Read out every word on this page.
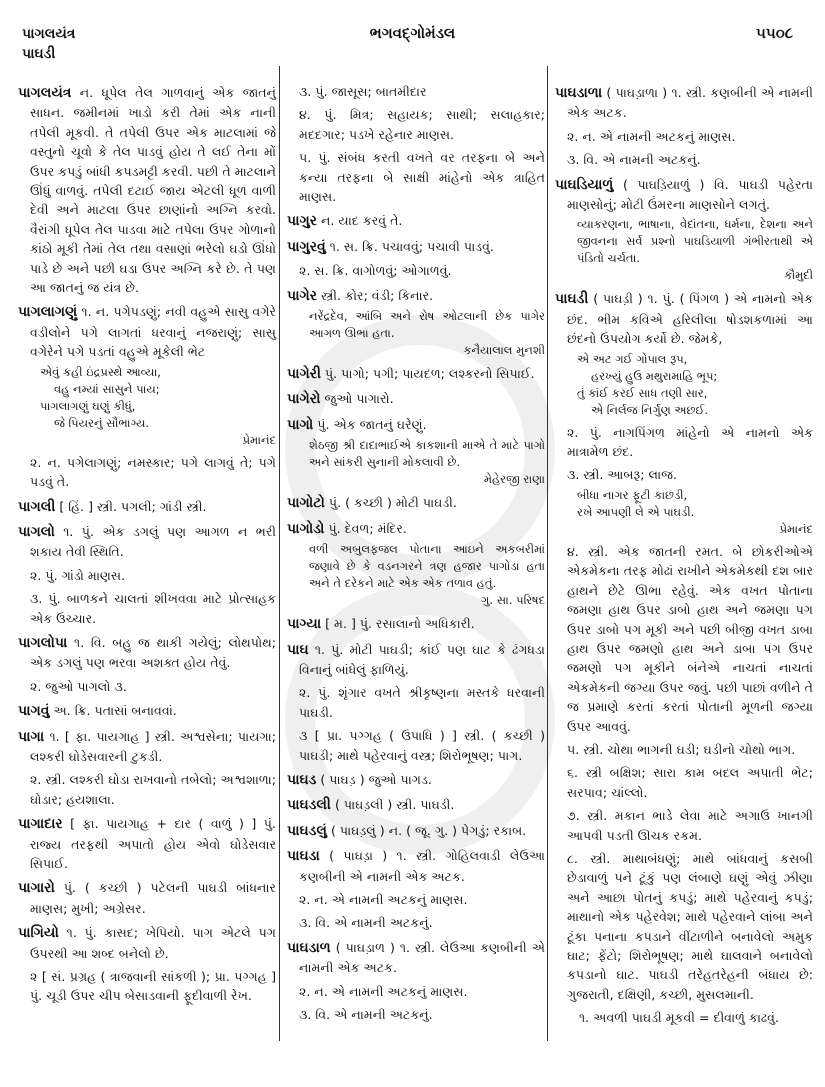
પાગલયંત્ર
પાઘડી
ભગવદ્ગોમંડલ	૫૫૦૮
પાગલયંત્ર ન. ધૂપેલ તેલ ગાળવાનું એક જાતનું સાધન. જમીનમાં ખાડો કરી તેમાં એક નાની તપેલી મૂકવી. તે તપેલી ઉપર એક માટલામાં જે વસ્તુનો ચૂવો કે તેલ પાડવું હોય તે લઈ તેના મોં ઉપર કપડું બાંધી કપડમટ્ટી કરવી. પછી તે માટલાને ઊંધું વાળવું. તપેલી દટાઈ જાય એટલી ધૂળ વાળી દેવી અને માટલા ઉપર છાણાંનો અગ્નિ કરવો. વૈરાંગી ધૂપેલ તેલ પાડવા માટે તપેલા ઉપર ગોળાનો કાંઠો મૂકી તેમાં તેલ તથા વસાણાં ભરેલો ઘડો ઊંધો પાડે છે અને પછી ઘડા ઉપર અગ્નિ કરે છે. તે પણ આ જાતનું જ યંત્ર છે.
પાગલાગણું ૧. ન. પગેપડણું; નવી વહુએ સાસુ વગેરે વડીલોને પગે લાગતાં ધરવાનું નજરાણું; સાસુ વગેરેને પગે પડતાં વહુએ મૂકેલી ભેટ
એવું કહી ઇંદ્રપ્રસ્થે આવ્યા,
વહુ નમ્યાં સાસુને પાય;
પાગલાગણું ઘણું કીધું,
જે પિયરનું સૌભાગ્ય.
પ્રેમાનંદ
૨. ન. પગેલાગણું; નમસ્કાર; પગે લાગવું તે; પગે પડવું તે.
પાગલી [ હિં. ] સ્ત્રી. પગલી; ગાંડી સ્ત્રી.
પાગલો ૧. પું. એક ડગલું પણ આગળ ન ભરી શકાય તેવી સ્થિતિ.
૨. પું. ગાંડો માણસ.
૩. પું. બાળકને ચાલતાં શીખવવા માટે પ્રોત્સાહક એક ઉચ્ચાર.
પાગલોપા ૧. વિ. બહુ જ થાકી ગયેલું; લોથપોથ; એક ડગલું પણ ભરવા અશક્ત હોય તેવું.
૨. જુઓ પાગલો ૩.
પાગવું અ. ક્રિ. પતાસાં બનાવવાં.
પાગા ૧. [ ફા. પાયગાહ ] સ્ત્રી. અશ્વસેના; પાયગા; લશ્કરી ઘોડેસવારની ટુકડી.
૨. સ્ત્રી. લશ્કરી ઘોડા રાખવાનો તબેલો; અશ્વશાળા; ઘોડાર; હયશાલા.
પાગાદાર [ ફા. પાયગાહ + દાર ( વાળું ) ] પું. રાજ્ય તરફથી અપાતો હોય એવો ઘોડેસવાર સિપાઈ.
પાગારો પું. ( કચ્છી ) પટેલની પાઘડી બાંધનાર માણસ; મુખી; અગ્રેસર.
પાગિયો ૧. પું. કાસદ; ખેપિયો. પાગ એટલે પગ ઉપરથી આ શબ્દ બનેલો છે.
૨ [ સં. પ્રગ્રહ ( ત્રાજવાની સાંકળી ); પ્રા. પગ્ગહ ] પું. ચૂડી ઉપર ચીપ બેસાડવાની ફૂદીવાળી રેખ.
૩. પું. જાસૂસ; બાતમીદાર
૪. પું. મિત્ર; સહાયક; સાથી; સલાહકાર; મદદગાર; પડખે રહેનાર માણસ.
૫. પું. સંબંધ કરતી વખતે વર તરફના બે અને કન્યા તરફના બે સાક્ષી માંહેનો એક ત્રાહિત માણસ.
પાગુર ન. યાદ કરવું તે.
પાગુરવું ૧. સ. ક્રિ. પચાવવું; પચાવી પાડવું.
૨. સ. ક્રિ. વાગોળવું; ઓગાળવું.
પાગેર સ્ત્રી. કોર; વંડી; કિનાર.
નરેંદ્રદેવ, આંબિ અને રોષ ઓટલાની છેક પાગેર આગળ ઊભા હતા.
કનૈયાલાલ મુનશી
પાગેરી પું. પાગો; પગી; પાયદળ; લશ્કરનો સિપાઈ.
પાગેરો જુઓ પાગારો.
પાગો પું. એક જાતનું ઘરેણું.
શેઠજી શ્રી દાદાભાઈએ કાકશાની માએ તે માટે પાગો અને સાંકરી સુનાની મોકલાવી છે.
મેહેરજી રાણા
પાગોટો પું. ( કચ્છી ) મોટી પાઘડી.
પાગોડો પું. દેવળ; મંદિર.
વળી અબુલફજલ પોતાના આઇને અકબરીમાં જણાવે છે કે વડનગરને ત્રણ હજાર પાગોડા હતા અને તે દરેકને માટે એક એક તળાવ હતું.
ગુ. સા. પરિષદ
પાગ્યા [ મ. ] પું. રસાલાનો અધિકારી.
પાઘ ૧. પું. મોટી પાઘડી; કાંઈ પણ ઘાટ કે ઢંગધડા વિનાનું બાંધેલું ફાળિયું.
૨. પું. શૃંગાર વખતે શ્રીકૃષ્ણના મસ્તકે ધરવાની પાઘડી.
૩ [ પ્રા. પગ્ગહ ( ઉપાધિ ) ] સ્ત્રી. ( કચ્છી ) પાઘડી; માથે પહેરવાનું વસ્ત્ર; શિરોભૂષણ; પાગ.
પાઘડ ( પાઘડ઼ ) જુઓ પાગડ.
પાઘડલી ( પાઘડ઼લી ) સ્ત્રી. પાઘડી.
પાઘડલું ( પાઘડ઼લું ) ન. ( જૂ. ગુ. ) પેગડું; રકાબ.
પાઘડા ( પાઘડ઼ા ) ૧. સ્ત્રી. ગોહિલવાડી લેઉઆ કણબીની એ નામની એક અટક.
૨. ન. એ નામની અટકનું માણસ.
૩. વિ. એ નામની અટકનું.
પાઘડાળ ( પાઘડ઼ાળ ) ૧. સ્ત્રી. લેઉઆ કણબીની એ નામની એક અટક.
૨. ન. એ નામની અટકનું માણસ.
૩. વિ. એ નામની અટકનું.
પાઘડાળા ( પાઘડ઼ાળા ) ૧. સ્ત્રી. કણબીની એ નામની એક અટક.
૨. ન. એ નામની અટકનું માણસ.
૩. વિ. એ નામની અટકનું.
પાઘડિયાળું ( પાઘડ઼િયાળું ) વિ. પાઘડી પહેરતા માણસોનું; મોટી ઉંમરના માણસોને લગતું.
વ્યાકરણના, ભાષાના, વેદાંતના, ધર્મના, દેશના અને જીવનના સર્વ પ્રશ્નો પાઘડિયાળી ગંભીરતાથી એ પંડિતો ચર્ચતા.
કૌમુદી
પાઘડી ( પાઘડ઼ી ) ૧. પું. ( પિંગળ ) એ નામનો એક છંદ. ભીમ કવિએ હરિલીલા ષોડશકળામાં આ છંદનો ઉપયોગ કર્યો છે. જેમકે,
એ અટ ગઈ ગોપાલ રૂપ,
હરખ્યું હુઉ મથુરામાહિ ભૂપ;
તું કાંઈ કરઈ સાધ તણી સાર,
એ નિર્લજ નિર્ગુણ અછઈ.
૨. પું. નાગપિંગળ માંહેનો એ નામનો એક માત્રામેળ છંદ.
૩. સ્ત્રી. આબરૂ; લાજ.
બીધા નાગર ફૂટી કાછડી,
રખે આપણી લે એ પાઘડી.
પ્રેમાનંદ
૪. સ્ત્રી. એક જાતની રમત. બે છોકરીઓએ એકમેકના તરફ મોઢાં રાખીને એકમેકથી દશ બાર હાથને છેટે ઊભા રહેવું. એક વખત પોતાના જમણા હાથ ઉપર ડાબો હાથ અને જમણા પગ ઉપર ડાબો પગ મૂકી અને પછી બીજી વખત ડાબા હાથ ઉપર જમણો હાથ અને ડાબા પગ ઉપર જમણો પગ મૂકીને બંનેએ નાચતાં નાચતાં એકમેકની જગ્યા ઉપર જવું. પછી પાછાં વળીને તે જ પ્રમાણે કરતાં કરતાં પોતાની મૂળની જગ્યા ઉપર આવવું.
૫. સ્ત્રી. ચોથા ભાગની ઘડી; ઘડીનો ચોથો ભાગ.
૬. સ્ત્રી બક્ષિશ; સારા કામ બદલ અપાતી ભેટ; સરપાવ; ચાંલ્લો.
૭. સ્ત્રી. મકાન ભાડે લેવા માટે અગાઉ ખાનગી આપવી પડતી ઊચક રકમ.
૮. સ્ત્રી. માથાબંધણું; માથે બાંધવાનું કસબી છેડાવાળું પને ટૂંકું પણ લંબાણે ઘણું એવું ઝીણા અને આછા પોતનું કપડું; માથે પહેરવાનું કપડું; માથાનો એક પહેરવેશ; માથે પહેરવાને લાંબા અને ટૂંકા પનાના કપડાને વીંટાળીને બનાવેલો અમુક ઘાટ; ફેંટો; શિરોભૂષણ; માથે ઘાલવાને બનાવેલો કપડાનો ઘાટ. પાઘડી તરેહતરેહની બંધાય છે: ગુજરાતી, દક્ષિણી, કચ્છી, મુસલમાની.
૧. અવળી પાઘડી મૂકવી = દીવાળું કાઢવું.
